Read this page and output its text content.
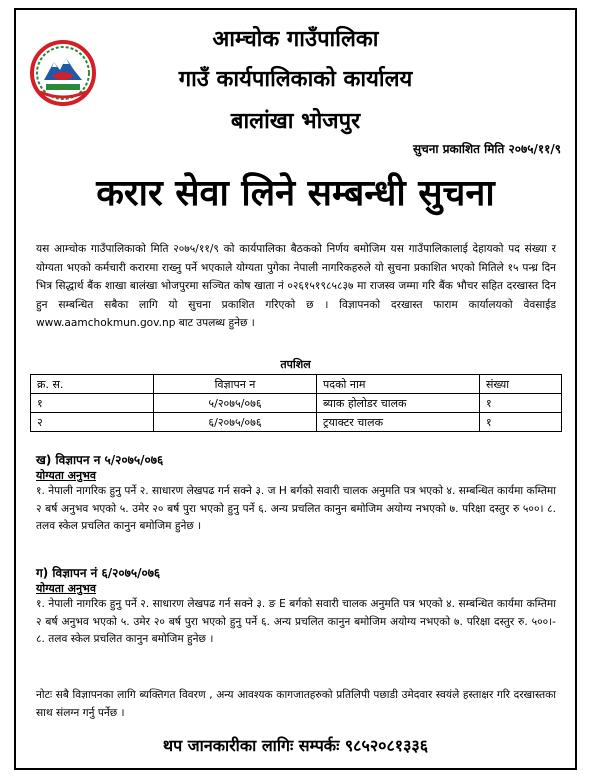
आम्चोक गाउँपालिका
गाउँ कार्यपालिकाको कार्यालय
बालांखा भोजपुर
सुचना प्रकाशित मिति २०७५/११/९
करार सेवा लिने सम्बन्धी सुचना
यस आम्चोक गाउँपालिकाको मिति २०७५/११/९ को कार्यपालिका बैठकको निर्णय बमोजिम यस गाउँपालिकालाई देहायको पद संख्या र योग्यता भएको कर्मचारी करारमा राख्नु पर्ने भएकाले योग्यता पुगेका नेपाली नागरिकहरुले यो सुचना प्रकाशित भएको मितिले १५ पन्ध्र दिन भित्र सिद्धार्थ बैंक शाखा बालंखा भोजपुरमा सञ्चित कोष खाता नं ०२६१५१९८५८३७ मा राजस्व जम्मा गरि बैंक भौचर सहित दरखास्त दिन हुन सम्बन्धित सबैका लागि यो सुचना प्रकाशित गरिएको छ । विज्ञापनको दरखास्त फाराम कार्यालयको वेवसाईड www.aamchokmun.gov.np बाट उपलब्ध हुनेछ ।
तपशिल
क्र. स.	विज्ञापन न	पदको नाम	संख्या
१	५/२०७५/०७६	ब्याक होलोडर चालक	१
२	६/२०७५/०७६	ट्रयाक्टर चालक	१
ख) विज्ञापन न ५/२०७५/०७६
योग्यता अनुभव
१. नेपाली नागरिक हुनु पर्ने २. साधारण लेखपढ गर्न सक्ने ३. ज H बर्गको सवारी चालक अनुमति पत्र भएको ४. सम्बन्धित कार्यमा कम्तिमा २ बर्ष अनुभव भएको ५. उमेर २० बर्ष पुरा भएको हुनु पर्ने ६. अन्य प्रचलित कानुन बमोजिम अयोग्य नभएको ७. परिक्षा दस्तुर रु ५००। ८. तलव स्केल प्रचलित कानुन बमोजिम हुनेछ ।
ग) विज्ञापन नं ६/२०७५/०७६
योग्यता अनुभव
१. नेपाली नागरिक हुनु पर्ने २. साधारण लेखपढ गर्न सक्ने ३. ङ E बर्गको सवारी चालक अनुमति पत्र भएको ४. सम्बन्धित कार्यमा कम्तिमा २ बर्ष अनुभव भएको ५. उमेर २० बर्ष पुरा भएको हुनु पर्ने ६. अन्य प्रचलित कानुन बमोजिम अयोग्य नभएको ७. परिक्षा दस्तुर रु. ५००।- ८. तलव स्केल प्रचलित कानुन बमोजिम हुनेछ ।
नोटः सबै विज्ञापनका लागि ब्यक्तिगत विवरण , अन्य आवश्यक कागजातहरुको प्रतिलिपी पछाडी उमेदवार स्वयंले हस्ताक्षर गरि दरखास्तका साथ संलग्न गर्नु पर्नेछ ।
थप जानकारीका लागिः सम्पर्कः ९८५२०८१३३६
